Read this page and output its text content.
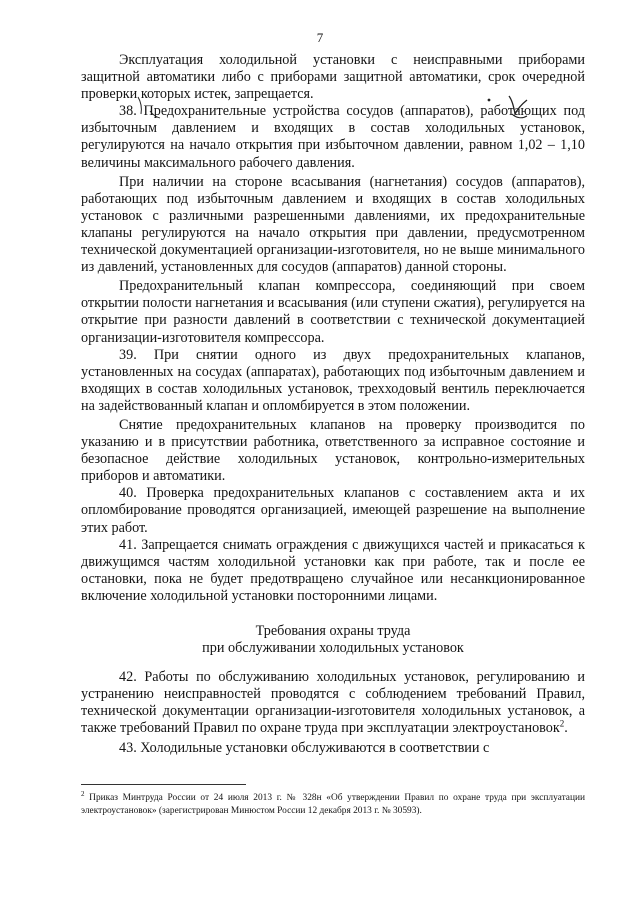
7

Эксплуатация холодильной установки с неисправными приборами защитной автоматики либо с приборами защитной автоматики, срок очередной проверки которых истек, запрещается.

38. Предохранительные устройства сосудов (аппаратов), работающих под избыточным давлением и входящих в состав холодильных установок, регулируются на начало открытия при избыточном давлении, равном 1,02 – 1,10 величины максимального рабочего давления.

При наличии на стороне всасывания (нагнетания) сосудов (аппаратов), работающих под избыточным давлением и входящих в состав холодильных установок с различными разрешенными давлениями, их предохранительные клапаны регулируются на начало открытия при давлении, предусмотренном технической документацией организации-изготовителя, но не выше минимального из давлений, установленных для сосудов (аппаратов) данной стороны.

Предохранительный клапан компрессора, соединяющий при своем открытии полости нагнетания и всасывания (или ступени сжатия), регулируется на открытие при разности давлений в соответствии с технической документацией организации-изготовителя компрессора.

39. При снятии одного из двух предохранительных клапанов, установленных на сосудах (аппаратах), работающих под избыточным давлением и входящих в состав холодильных установок, трехходовый вентиль переключается на задействованный клапан и опломбируется в этом положении.

Снятие предохранительных клапанов на проверку производится по указанию и в присутствии работника, ответственного за исправное состояние и безопасное действие холодильных установок, контрольно-измерительных приборов и автоматики.

40. Проверка предохранительных клапанов с составлением акта и их опломбирование проводятся организацией, имеющей разрешение на выполнение этих работ.

41. Запрещается снимать ограждения с движущихся частей и прикасаться к движущимся частям холодильной установки как при работе, так и после ее остановки, пока не будет предотвращено случайное или несанкционированное включение холодильной установки посторонними лицами.

Требования охраны труда
при обслуживании холодильных установок

42. Работы по обслуживанию холодильных установок, регулированию и устранению неисправностей проводятся с соблюдением требований Правил, технической документации организации-изготовителя холодильных установок, а также требований Правил по охране труда при эксплуатации электроустановок$^2$.

43. Холодильные установки обслуживаются в соответствии с

$^2$ Приказ Минтруда России от 24 июля 2013 г. № 328н «Об утверждении Правил по охране труда при эксплуатации электроустановок» (зарегистрирован Минюстом России 12 декабря 2013 г. № 30593).
